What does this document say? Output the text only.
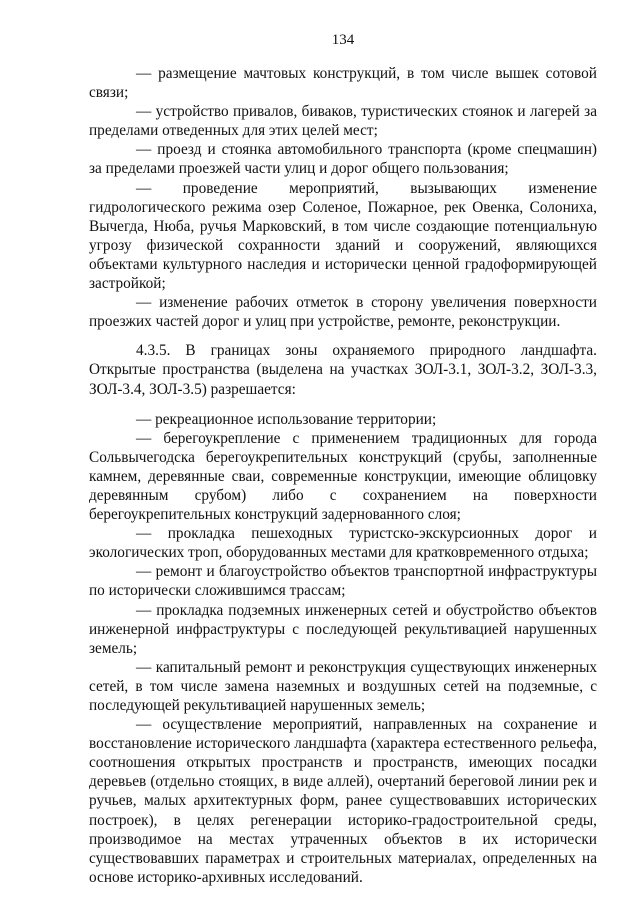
134

— размещение мачтовых конструкций, в том числе вышек сотовой связи;

— устройство привалов, биваков, туристических стоянок и лагерей за пределами отведенных для этих целей мест;

— проезд и стоянка автомобильного транспорта (кроме спецмашин) за пределами проезжей части улиц и дорог общего пользования;

— проведение мероприятий, вызывающих изменение гидрологического режима озер Соленое, Пожарное, рек Овенка, Солониха, Вычегда, Нюба, ручья Марковский, в том числе создающие потенциальную угрозу физической сохранности зданий и сооружений, являющихся объектами культурного наследия и исторически ценной градоформирующей застройкой;

— изменение рабочих отметок в сторону увеличения поверхности проезжих частей дорог и улиц при устройстве, ремонте, реконструкции.

4.3.5. В границах зоны охраняемого природного ландшафта. Открытые пространства (выделена на участках ЗОЛ-3.1, ЗОЛ-3.2, ЗОЛ-3.3, ЗОЛ-3.4, ЗОЛ-3.5) разрешается:

— рекреационное использование территории;

— берегоукрепление с применением традиционных для города Сольвычегодска берегоукрепительных конструкций (срубы, заполненные камнем, деревянные сваи, современные конструкции, имеющие облицовку деревянным срубом) либо с сохранением на поверхности берегоукрепительных конструкций задернованного слоя;

— прокладка пешеходных туристско-экскурсионных дорог и экологических троп, оборудованных местами для кратковременного отдыха;

— ремонт и благоустройство объектов транспортной инфраструктуры по исторически сложившимся трассам;

— прокладка подземных инженерных сетей и обустройство объектов инженерной инфраструктуры с последующей рекультивацией нарушенных земель;

— капитальный ремонт и реконструкция существующих инженерных сетей, в том числе замена наземных и воздушных сетей на подземные, с последующей рекультивацией нарушенных земель;

— осуществление мероприятий, направленных на сохранение и восстановление исторического ландшафта (характера естественного рельефа, соотношения открытых пространств и пространств, имеющих посадки деревьев (отдельно стоящих, в виде аллей), очертаний береговой линии рек и ручьев, малых архитектурных форм, ранее существовавших исторических построек), в целях регенерации историко-градостроительной среды, производимое на местах утраченных объектов в их исторически существовавших параметрах и строительных материалах, определенных на основе историко-архивных исследований.
